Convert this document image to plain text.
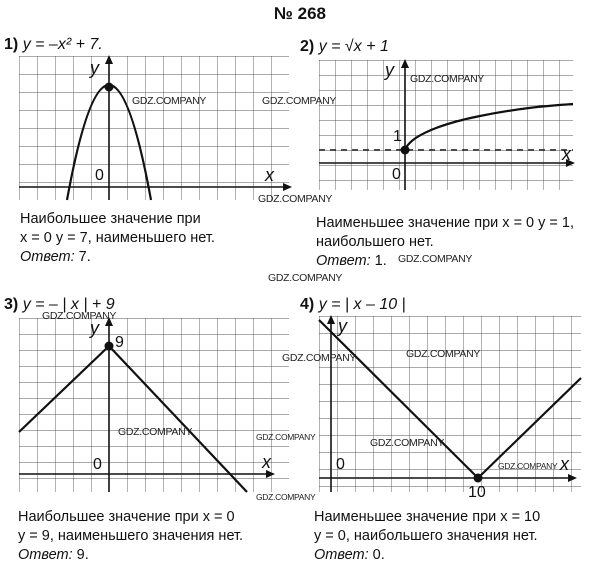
№ 268
1) y = –x² + 7.
y
x
0
2) y = √x + 1
y
x
1
0
3) y = – | x | + 9
y
9
x
0
4) y = | x – 10 |
y
x
0
10
Наибольшее значение при
x = 0 y = 7, наименьшего нет.
Ответ: 7.
Наименьшее значение при x = 0 y = 1,
наибольшего нет.
Ответ: 1.
Наибольшее значение при x = 0
y = 9, наименьшего значения нет.
Ответ: 9.
Наименьшее значение при x = 10
y = 0, наибольшего значения нет.
Ответ: 0.
GDZ.COMPANY	GDZ.COMPANY
GDZ.COMPANY
GDZ.COMPANY
GDZ.COMPANY
GDZ.COMPANY
GDZ.COMPANY
GDZ.COMPANY
GDZ.COMPANY	GDZ.COMPANY
GDZ.COMPANY
GDZ.COMPANY
GDZ.COMPANY
GDZ.COMPANY
